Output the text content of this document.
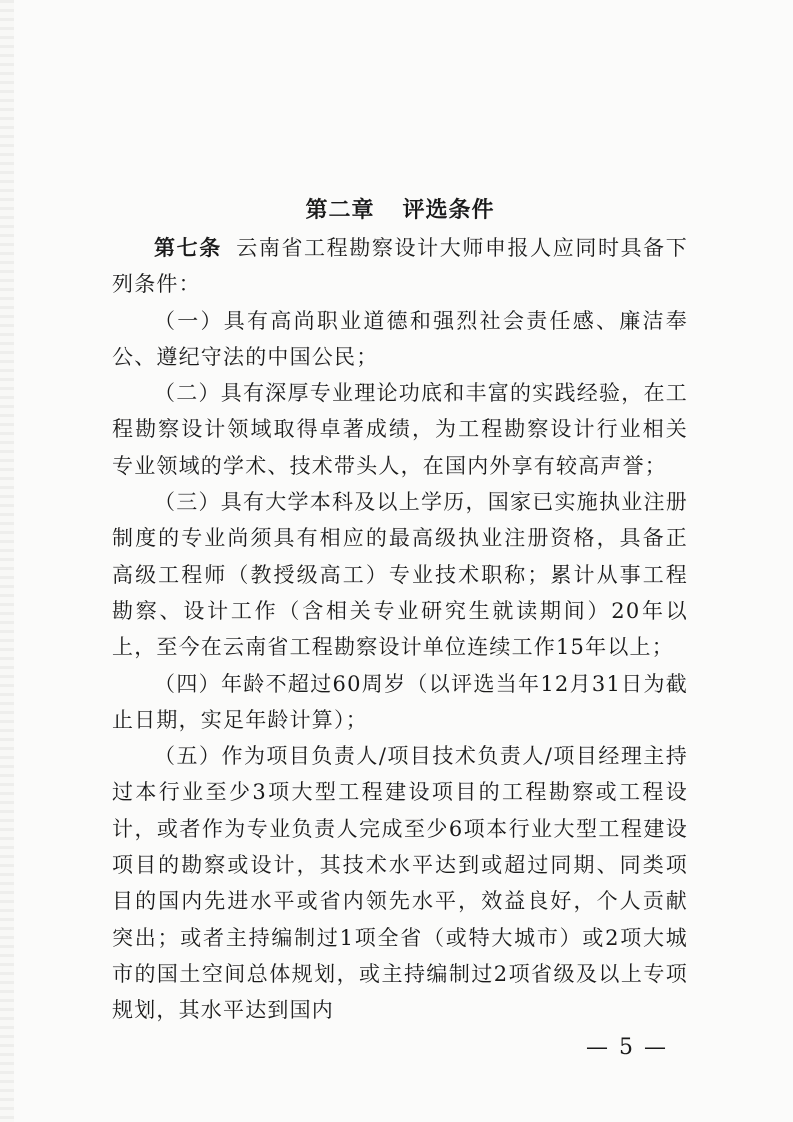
第二章 评选条件

第七条 云南省工程勘察设计大师申报人应同时具备下列条件：

（一）具有高尚职业道德和强烈社会责任感、廉洁奉公、遵纪守法的中国公民；

（二）具有深厚专业理论功底和丰富的实践经验，在工程勘察设计领域取得卓著成绩，为工程勘察设计行业相关专业领域的学术、技术带头人，在国内外享有较高声誉；

（三）具有大学本科及以上学历，国家已实施执业注册制度的专业尚须具有相应的最高级执业注册资格，具备正高级工程师（教授级高工）专业技术职称；累计从事工程勘察、设计工作（含相关专业研究生就读期间）20年以上，至今在云南省工程勘察设计单位连续工作15年以上；

（四）年龄不超过60周岁（以评选当年12月31日为截止日期，实足年龄计算）；

（五）作为项目负责人/项目技术负责人/项目经理主持过本行业至少3项大型工程建设项目的工程勘察或工程设计，或者作为专业负责人完成至少6项本行业大型工程建设项目的勘察或设计，其技术水平达到或超过同期、同类项目的国内先进水平或省内领先水平，效益良好，个人贡献突出；或者主持编制过1项全省（或特大城市）或2项大城市的国土空间总体规划，或主持编制过2项省级及以上专项规划，其水平达到国内

— 5 —
